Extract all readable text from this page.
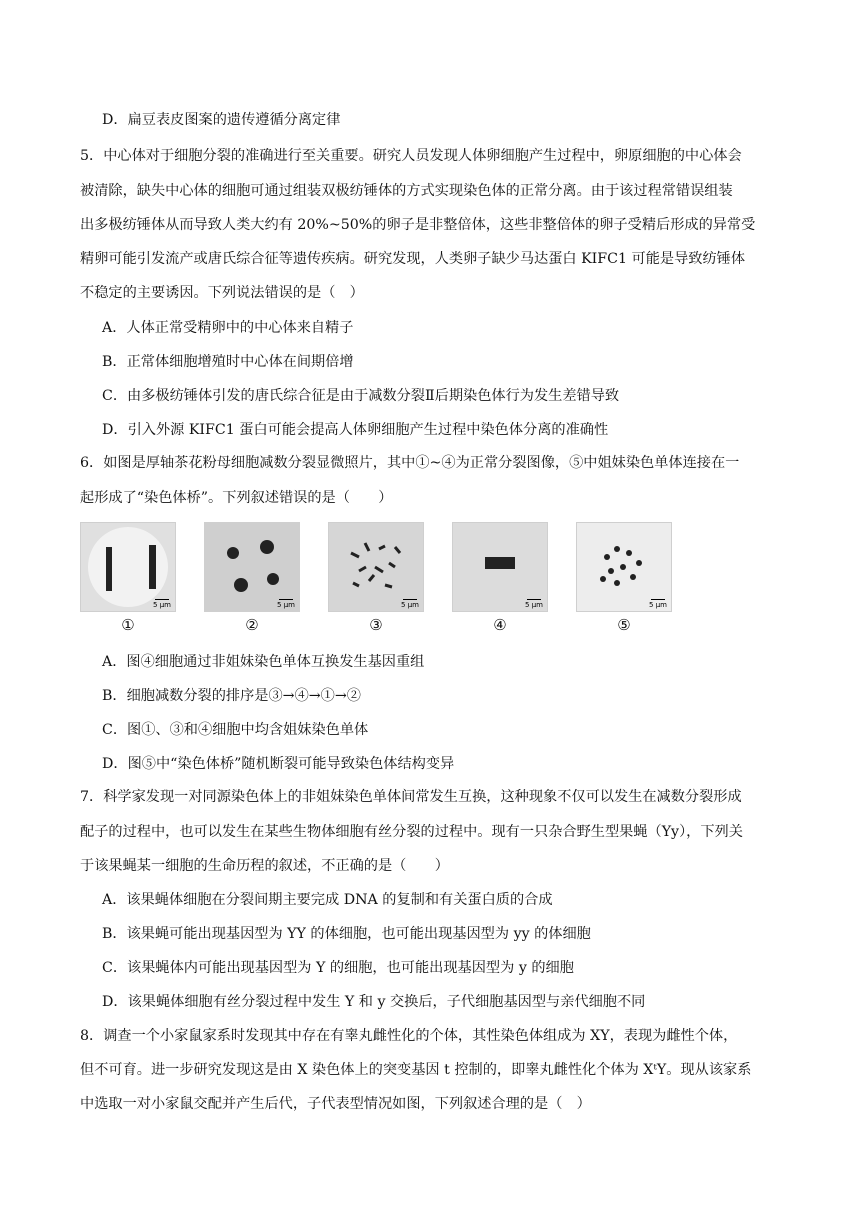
D．扁豆表皮图案的遗传遵循分离定律
5．中心体对于细胞分裂的准确进行至关重要。研究人员发现人体卵细胞产生过程中，卵原细胞的中心体会
被清除，缺失中心体的细胞可通过组装双极纺锤体的方式实现染色体的正常分离。由于该过程常错误组装
出多极纺锤体从而导致人类大约有 20%~50%的卵子是非整倍体，这些非整倍体的卵子受精后形成的异常受
精卵可能引发流产或唐氏综合征等遗传疾病。研究发现，人类卵子缺少马达蛋白 KIFC1 可能是导致纺锤体
不稳定的主要诱因。下列说法错误的是（　）
A．人体正常受精卵中的中心体来自精子
B．正常体细胞增殖时中心体在间期倍增
C．由多极纺锤体引发的唐氏综合征是由于减数分裂Ⅱ后期染色体行为发生差错导致
D．引入外源 KIFC1 蛋白可能会提高人体卵细胞产生过程中染色体分离的准确性
6．如图是厚轴茶花粉母细胞减数分裂显微照片，其中①~④为正常分裂图像，⑤中姐妹染色单体连接在一
起形成了“染色体桥”。下列叙述错误的是（　　）
5 μm	5 μm	5 μm	5 μm	5 μm
①	②	③	④	⑤
A．图④细胞通过非姐妹染色单体互换发生基因重组
B．细胞减数分裂的排序是③→④→①→②
C．图①、③和④细胞中均含姐妹染色单体
D．图⑤中“染色体桥”随机断裂可能导致染色体结构变异
7．科学家发现一对同源染色体上的非姐妹染色单体间常发生互换，这种现象不仅可以发生在减数分裂形成
配子的过程中，也可以发生在某些生物体细胞有丝分裂的过程中。现有一只杂合野生型果蝇（Yy），下列关
于该果蝇某一细胞的生命历程的叙述，不正确的是（　　）
A．该果蝇体细胞在分裂间期主要完成 DNA 的复制和有关蛋白质的合成
B．该果蝇可能出现基因型为 YY 的体细胞，也可能出现基因型为 yy 的体细胞
C．该果蝇体内可能出现基因型为 Y 的细胞，也可能出现基因型为 y 的细胞
D．该果蝇体细胞有丝分裂过程中发生 Y 和 y 交换后，子代细胞基因型与亲代细胞不同
8．调查一个小家鼠家系时发现其中存在有睾丸雌性化的个体，其性染色体组成为 XY，表现为雌性个体，
但不可育。进一步研究发现这是由 X 染色体上的突变基因 t 控制的，即睾丸雌性化个体为 XᵗY。现从该家系
中选取一对小家鼠交配并产生后代，子代表型情况如图，下列叙述合理的是（　）
